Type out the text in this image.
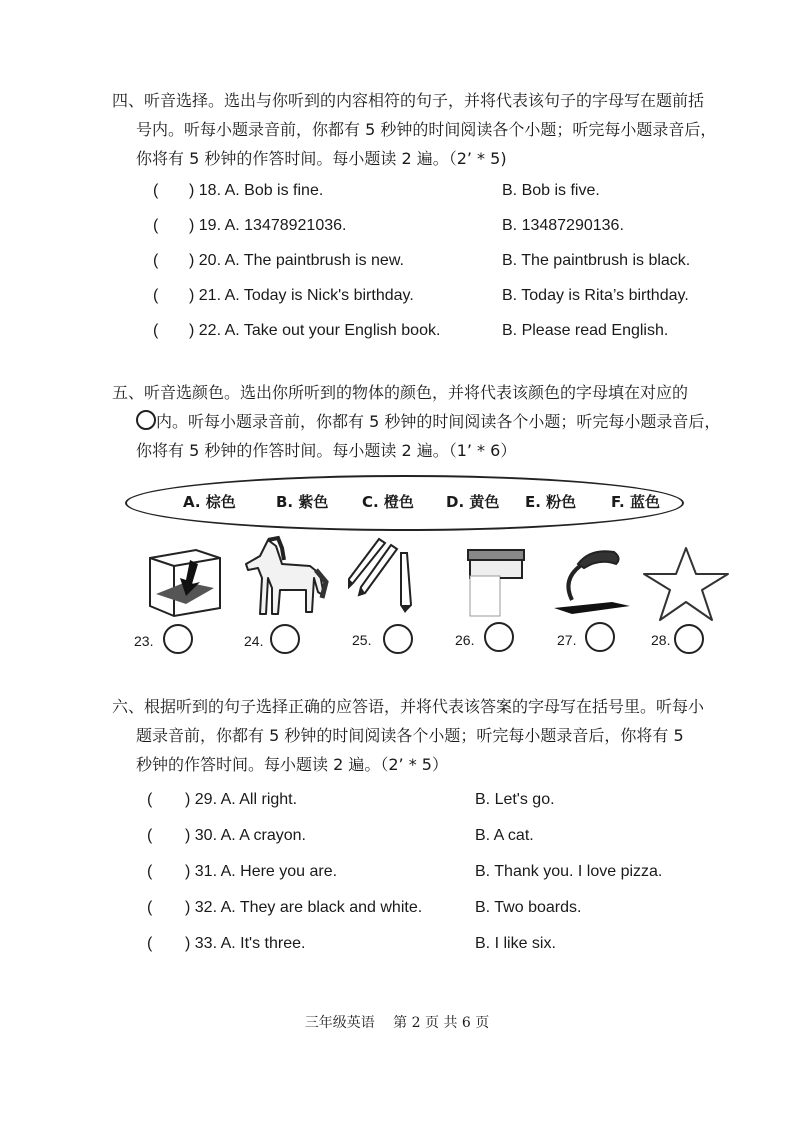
四、听音选择。选出与你听到的内容相符的句子，并将代表该句子的字母写在题前括
号内。听每小题录音前，你都有 5 秒钟的时间阅读各个小题；听完每小题录音后，
你将有 5 秒钟的作答时间。每小题读 2 遍。（2’ * 5)
( ) 18. A. Bob is fine.	B. Bob is five.
( ) 19. A. 13478921036.	B. 13487290136.
( ) 20. A. The paintbrush is new.	B. The paintbrush is black.
( ) 21. A. Today is Nick's birthday.	B. Today is Rita’s birthday.
( ) 22. A. Take out your English book.	B. Please read English.
五、听音选颜色。选出你所听到的物体的颜色，并将代表该颜色的字母填在对应的
内。听每小题录音前，你都有 5 秒钟的时间阅读各个小题；听完每小题录音后，
你将有 5 秒钟的作答时间。每小题读 2 遍。（1’ * 6）
A. 棕色	B. 紫色 C. 橙色 D. 黄色 E. 粉色 F. 蓝色
23.	24.	25.	26.	27.	28.
六、根据听到的句子选择正确的应答语，并将代表该答案的字母写在括号里。听每小
题录音前，你都有 5 秒钟的时间阅读各个小题；听完每小题录音后，你将有 5
秒钟的作答时间。每小题读 2 遍。（2’ * 5）
( ) 29. A. All right.	B. Let's go.
( ) 30. A. A crayon.	B. A cat.
( ) 31. A. Here you are.	B. Thank you. I love pizza.
( ) 32. A. They are black and white.	B. Two boards.
( ) 33. A. It's three.	B. I like six.
三年级英语　 第 2 页 共 6 页
